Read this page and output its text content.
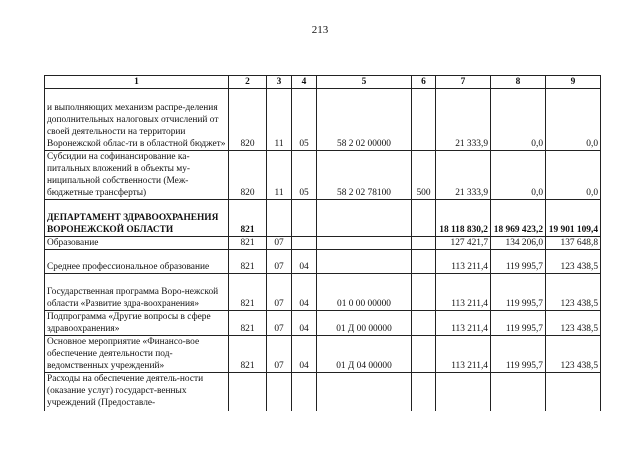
213
1	2	3	4	5	6	7	8	9
и выполняющих механизм распре-деления дополнительных налоговых отчислений от своей деятельности на территории Воронежской облас-ти в областной бюджет»	820	11	05	58 2 02 00000		21 333,9	0,0	0,0
Субсидии на софинансирование ка-питальных вложений в объекты му-ниципальной собственности (Меж-бюджетные трансферты)	820	11	05	58 2 02 78100	500	21 333,9	0,0	0,0
ДЕПАРТАМЕНТ ЗДРАВООХРАНЕНИЯ ВОРОНЕЖСКОЙ ОБЛАСТИ	821					18 118 830,2	18 969 423,2	19 901 109,4
Образование	821	07				127 421,7	134 206,0	137 648,8
Среднее профессиональное образование	821	07	04			113 211,4	119 995,7	123 438,5
Государственная программа Воро-нежской области «Развитие здра-воохранения»	821	07	04	01 0 00 00000		113 211,4	119 995,7	123 438,5
Подпрограмма «Другие вопросы в сфере здравоохранения»	821	07	04	01 Д 00 00000		113 211,4	119 995,7	123 438,5
Основное мероприятие «Финансо-вое обеспечение деятельности под-ведомственных учреждений»	821	07	04	01 Д 04 00000		113 211,4	119 995,7	123 438,5
Расходы на обеспечение деятель-ности (оказание услуг) государст-венных учреждений (Предоставле-								
